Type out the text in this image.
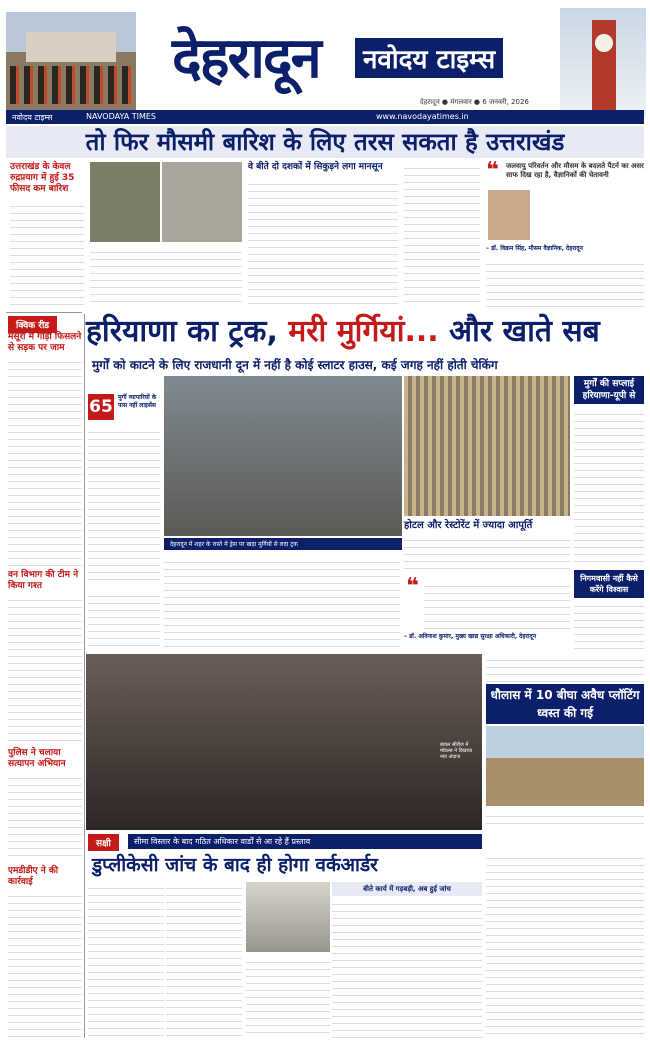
देहरादून	नवोदय टाइम्स
देहरादून ● मंगलवार ● 6 जनवरी, 2026
नवोदय टाइम्स	NAVODAYA TIMES	www.navodayatimes.in
तो फिर मौसमी बारिश के लिए तरस सकता है उत्तराखंड
उत्तराखंड के केवल रुद्रप्रयाग में हुई 35 फीसद कम बारिश
वे बीते दो दशकों में सिकुड़ने लगा मानसून	❝ जलवायु परिवर्तन और मौसम के बदलते पैटर्न का असर साफ दिख रहा है, वैज्ञानिकों की चेतावनी
– डॉ. विक्रम सिंह, मौसम वैज्ञानिक, देहरादून
क्विक रीड
मसूरी में गाड़ी फिसलने से सड़क पर जाम
वन विभाग की टीम ने किया गश्त
पुलिस ने चलाया सत्यापन अभियान
एमडीडीए ने की कार्रवाई
हरियाणा का ट्रक, मरी मुर्गियां... और खाते सब
मुर्गों को काटने के लिए राजधानी दून में नहीं है कोई स्लाटर हाउस, कई जगह नहीं होती चेकिंग
65 मुर्गी व्यापारियों के पास नहीं लाइसेंस
मुर्गों की सप्लाई हरियाणा-यूपी से
निगमवासी नहीं कैसे करेंगे विश्वास
देहरादून में शहर के रास्ते में ड्रेस पर खड़ा मुर्गियों से लदा ट्रक
होटल और रेस्टोरेंट में ज्यादा आपूर्ति
❝
– डॉ. अविनाश कुमार, मुख्य खाद्य सुरक्षा अधिकारी, देहरादून
धौलास में 10 बीघा अवैध प्लॉटिंग ध्वस्त की गई
सक्षी	सीमा विस्तार के बाद गठित अधिकार वार्डों से आ रहे हैं प्रस्ताव
बायल सीरीज में मॉडल्स ने दिखाया नया अंदाज
डुप्लीकेसी जांच के बाद ही होगा वर्कआर्डर
बीते कार्य में गड़बड़ी, अब हुई जांच
